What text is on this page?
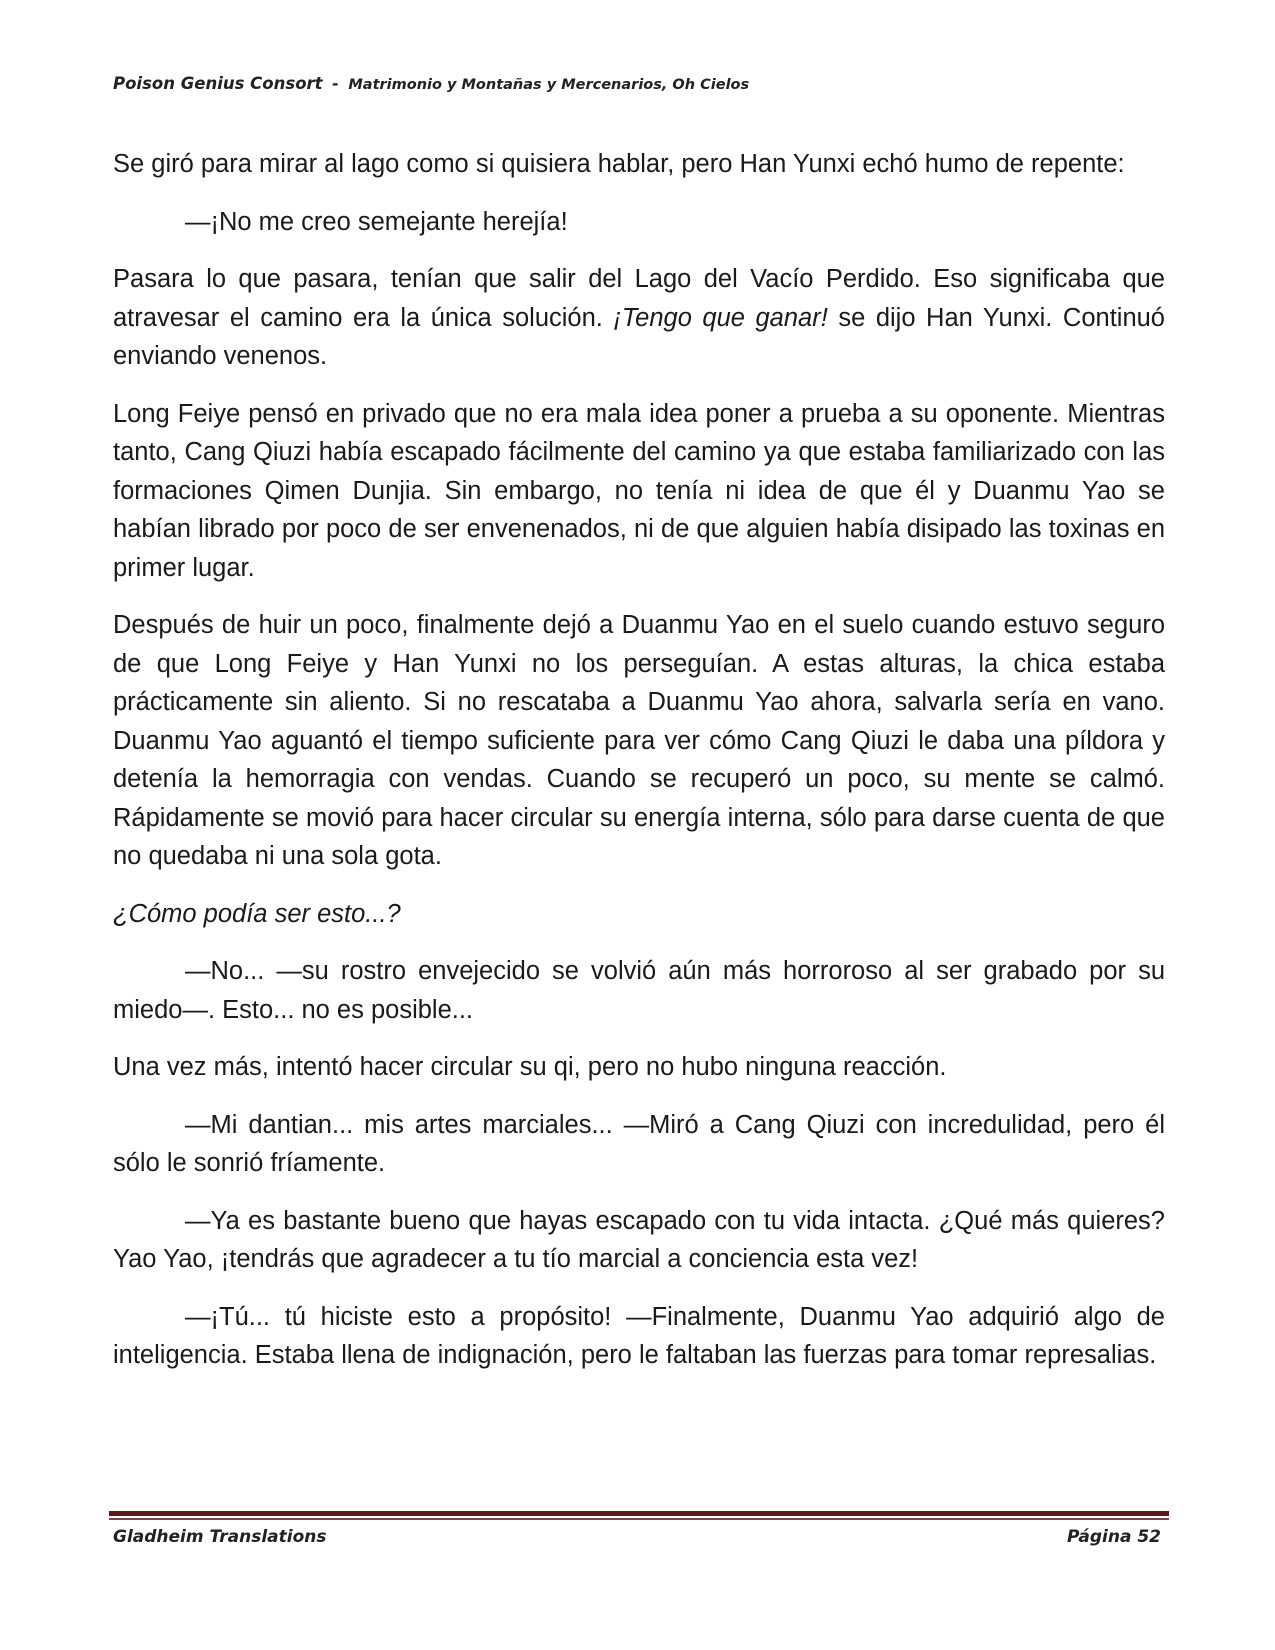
Poison Genius Consort - Matrimonio y Montañas y Mercenarios, Oh Cielos

Se giró para mirar al lago como si quisiera hablar, pero Han Yunxi echó humo de repente:

—¡No me creo semejante herejía!

Pasara lo que pasara, tenían que salir del Lago del Vacío Perdido. Eso significaba que atravesar el camino era la única solución. ¡Tengo que ganar! se dijo Han Yunxi. Continuó enviando venenos.

Long Feiye pensó en privado que no era mala idea poner a prueba a su oponente. Mientras tanto, Cang Qiuzi había escapado fácilmente del camino ya que estaba familiarizado con las formaciones Qimen Dunjia. Sin embargo, no tenía ni idea de que él y Duanmu Yao se habían librado por poco de ser envenenados, ni de que alguien había disipado las toxinas en primer lugar.

Después de huir un poco, finalmente dejó a Duanmu Yao en el suelo cuando estuvo seguro de que Long Feiye y Han Yunxi no los perseguían. A estas alturas, la chica estaba prácticamente sin aliento. Si no rescataba a Duanmu Yao ahora, salvarla sería en vano. Duanmu Yao aguantó el tiempo suficiente para ver cómo Cang Qiuzi le daba una píldora y detenía la hemorragia con vendas. Cuando se recuperó un poco, su mente se calmó. Rápidamente se movió para hacer circular su energía interna, sólo para darse cuenta de que no quedaba ni una sola gota.

¿Cómo podía ser esto...?

—No... —su rostro envejecido se volvió aún más horroroso al ser grabado por su miedo—. Esto... no es posible...

Una vez más, intentó hacer circular su qi, pero no hubo ninguna reacción.

—Mi dantian... mis artes marciales... —Miró a Cang Qiuzi con incredulidad, pero él sólo le sonrió fríamente.

—Ya es bastante bueno que hayas escapado con tu vida intacta. ¿Qué más quieres? Yao Yao, ¡tendrás que agradecer a tu tío marcial a conciencia esta vez!

—¡Tú... tú hiciste esto a propósito! —Finalmente, Duanmu Yao adquirió algo de inteligencia. Estaba llena de indignación, pero le faltaban las fuerzas para tomar represalias.

Gladheim Translations	Página 52
